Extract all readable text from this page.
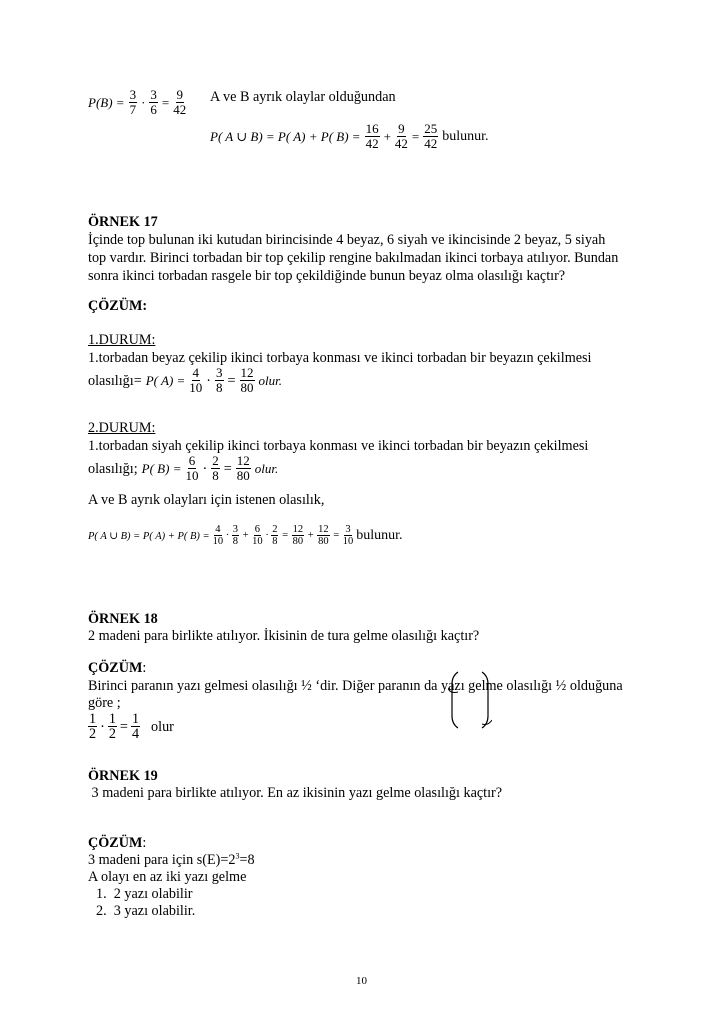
$P(B) = \frac{3}{7} \cdot \frac{3}{6} = \frac{9}{42}$ A ve B ayrık olaylar olduğundan
P( A ∪ B) = P( A) + P( $B) = \frac{16}{42} + \frac{9}{42} = \frac{25}{42}$ bulunur.
ÖRNEK 17
İçinde top bulunan iki kutudan birincisinde 4 beyaz, 6 siyah ve ikincisinde 2 beyaz, 5 siyah
top vardır. Birinci torbadan bir top çekilip rengine bakılmadan ikinci torbaya atılıyor. Bundan
sonra ikinci torbadan rasgele bir top çekildiğinde bunun beyaz olma olasılığı kaçtır?
ÇÖZÜM:
1.DURUM:
1.torbadan beyaz çekilip ikinci torbaya konması ve ikinci torbadan bir beyazın çekilmesi
olasılığı= P( $A) = \frac{4}{10} \cdot \frac{3}{8} = \frac{12}{80}$ olur.
2.DURUM:
1.torbadan siyah çekilip ikinci torbaya konması ve ikinci torbadan bir beyazın çekilmesi
olasılığı; P( $B) = \frac{6}{10} \cdot \frac{2}{8} = \frac{12}{80}$ olur.
A ve B ayrık olayları için istenen olasılık,
P( A ∪ B) = P( A) + P( $B) = \frac{4}{10} \cdot \frac{3}{8} + \frac{6}{10} \cdot \frac{2}{8} = \frac{12}{80} + \frac{12}{80} = \frac{3}{10}$ bulunur.
ÖRNEK 18
2 madeni para birlikte atılıyor. İkisinin de tura gelme olasılığı kaçtır?
ÇÖZÜM:
Birinci paranın yazı gelmesi olasılığı ½ ‘dir. Diğer paranın da yazı gelme olasılığı ½ olduğuna
göre ;
$\frac{1}{2} \cdot \frac{1}{2} = \frac{1}{4}$ olur
ÖRNEK 19
3 madeni para birlikte atılıyor. En az ikisinin yazı gelme olasılığı kaçtır?
ÇÖZÜM:
3 madeni para için $s(E)=2^3=8$
A olayı en az iki yazı gelme
1.  2 yazı olabilir
2.  3 yazı olabilir.
10
